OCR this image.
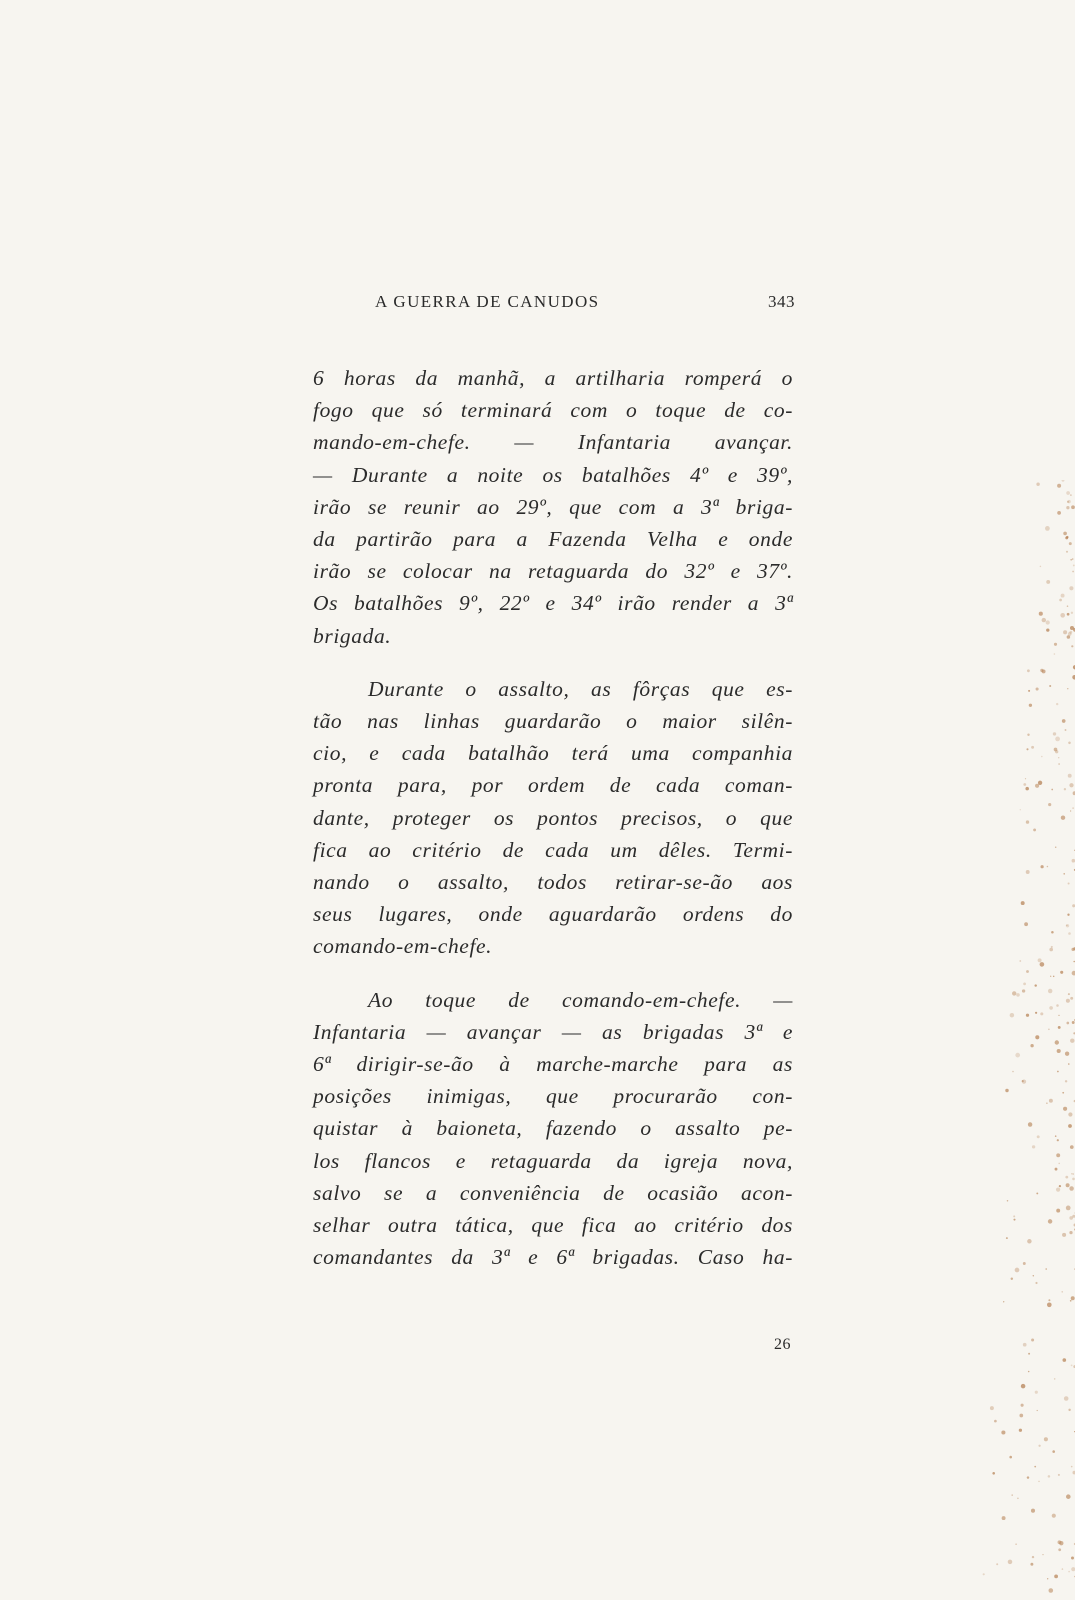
A GUERRA DE CANUDOS	343

6 horas da manhã, a artilharia romperá o
fogo que só terminará com o toque de co-
mando-em-chefe. — Infantaria avançar.
— Durante a noite os batalhões 4º e 39º,
irão se reunir ao 29º, que com a 3ª briga-
da partirão para a Fazenda Velha e onde
irão se colocar na retaguarda do 32º e 37º.
Os batalhões 9º, 22º e 34º irão render a 3ª
brigada.

Durante o assalto, as fôrças que es-
tão nas linhas guardarão o maior silên-
cio, e cada batalhão terá uma companhia
pronta para, por ordem de cada coman-
dante, proteger os pontos precisos, o que
fica ao critério de cada um dêles. Termi-
nando o assalto, todos retirar-se-ão aos
seus lugares, onde aguardarão ordens do
comando-em-chefe.

Ao toque de comando-em-chefe. —
Infantaria — avançar — as brigadas 3ª e
6ª dirigir-se-ão à marche-marche para as
posições inimigas, que procurarão con-
quistar à baioneta, fazendo o assalto pe-
los flancos e retaguarda da igreja nova,
salvo se a conveniência de ocasião acon-
selhar outra tática, que fica ao critério dos
comandantes da 3ª e 6ª brigadas. Caso ha-

26
